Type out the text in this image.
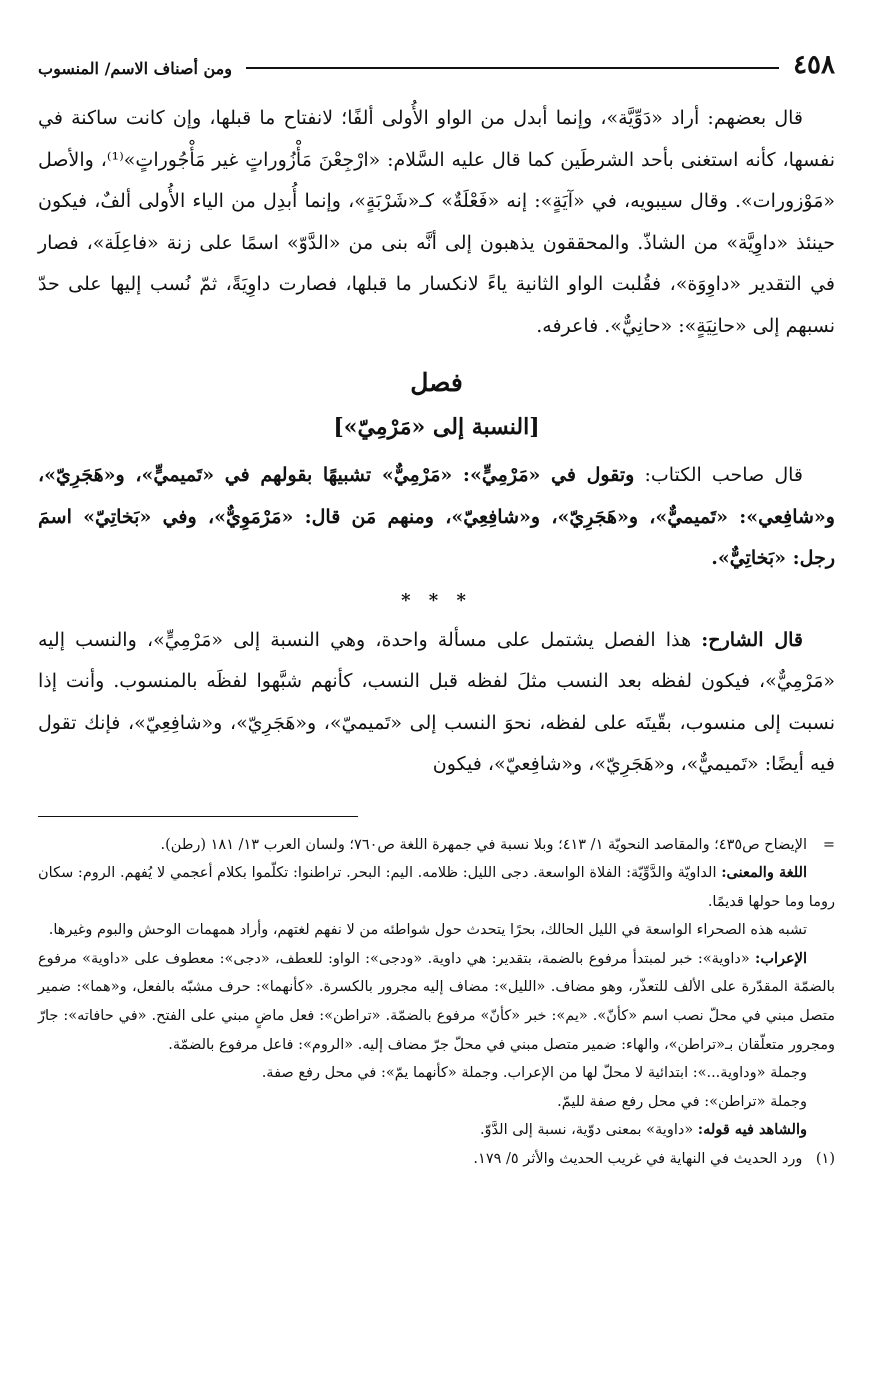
٤٥٨
ومن أصناف الاسم/ المنسوب

قال بعضهم: أراد «دَوِّيَّة»، وإنما أبدل من الواو الأُولى ألفًا؛ لانفتاح ما قبلها، وإن كانت ساكنة في نفسها، كأنه استغنى بأحد الشرطَين كما قال عليه السَّلام: «ارْجِعْنَ مَأْزُوراتٍ غير مَأْجُوراتٍ»⁽¹⁾، والأصل «مَوْزورات». وقال سيبويه، في «آيَةٍ»: إنه «فَعْلَةٌ» كـ«شَرْبَةٍ»، وإنما أُبدِل من الياء الأُولى ألفٌ، فيكون حينئذ «داوِيَّة» من الشاذّ. والمحققون يذهبون إلى أنَّه بنى من «الدَّوّ» اسمًا على زنة «فاعِلَة»، فصار في التقدير «داوِوَة»، فقُلبت الواو الثانية ياءً لانكسار ما قبلها، فصارت داوِيَةً، ثمّ نُسب إليها على حدّ نسبهم إلى «حانِيَةٍ»: «حانِيٌّ». فاعرفه.

فصل
[النسبة إلى «مَرْمِيّ»]

قال صاحب الكتاب: وتقول في «مَرْمِيٍّ»: «مَرْمِيٌّ» تشبيهًا بقولهم في «تَميميٍّ»، و«هَجَرِيّ»، و«شافِعي»: «تَميميٌّ»، و«هَجَرِيّ»، و«شافِعِيّ»، ومنهم مَن قال: «مَرْمَوِيٌّ»، وفي «بَخاتِيّ» اسمَ رجل: «بَخاتِيٌّ».

* * *

قال الشارح: هذا الفصل يشتمل على مسألة واحدة، وهي النسبة إلى «مَرْمِيٍّ»، والنسب إليه «مَرْمِيٌّ»، فيكون لفظه بعد النسب مثلَ لفظه قبل النسب، كأنهم شبَّهوا لفظَه بالمنسوب. وأنت إذا نسبت إلى منسوب، بقّيتَه على لفظه، نحوَ النسب إلى «تَميميّ»، و«هَجَرِيّ»، و«شافِعِيّ»، فإنك تقول فيه أيضًا: «تَميميٌّ»، و«هَجَرِيّ»، و«شافِعيّ»، فيكون

=
الإيضاح ص٤٣٥؛ والمقاصد النحويّة ١/ ٤١٣؛ وبلا نسبة في جمهرة اللغة ص٧٦٠؛ ولسان العرب ١٣/ ١٨١ (رطن).

اللغة والمعنى: الداويّة والدَّوِّيّة: الفلاة الواسعة. دجى الليل: ظلامه. اليم: البحر. تراطنوا: تكلّموا بكلام أعجمي لا يُفهم. الروم: سكان روما وما حولها قديمًا.

تشبه هذه الصحراء الواسعة في الليل الحالك، بحرًا يتحدث حول شواطئه من لا نفهم لغتهم، وأراد همهمات الوحش والبوم وغيرها.

الإعراب: «داوية»: خبر لمبتدأ مرفوع بالضمة، بتقدير: هي داوية. «ودجى»: الواو: للعطف، «دجى»: معطوف على «داوية» مرفوع بالضمّة المقدّرة على الألف للتعذّر، وهو مضاف. «الليل»: مضاف إليه مجرور بالكسرة. «كأنهما»: حرف مشبّه بالفعل، و«هما»: ضمير متصل مبني في محلّ نصب اسم «كأنّ». «يم»: خبر «كأنّ» مرفوع بالضمّة. «تراطن»: فعل ماضٍ مبني على الفتح. «في حافاته»: جارّ ومجرور متعلّقان بـ«تراطن»، والهاء: ضمير متصل مبني في محلّ جرّ مضاف إليه. «الروم»: فاعل مرفوع بالضمّة.

وجملة «وداوية...»: ابتدائية لا محلّ لها من الإعراب. وجملة «كأنهما يمّ»: في محل رفع صفة.

وجملة «تراطن»: في محل رفع صفة لليمّ.

والشاهد فيه قوله: «داوية» بمعنى دوّية، نسبة إلى الدَّوّ.

(١) ورد الحديث في النهاية في غريب الحديث والأثر ٥/ ١٧٩.
